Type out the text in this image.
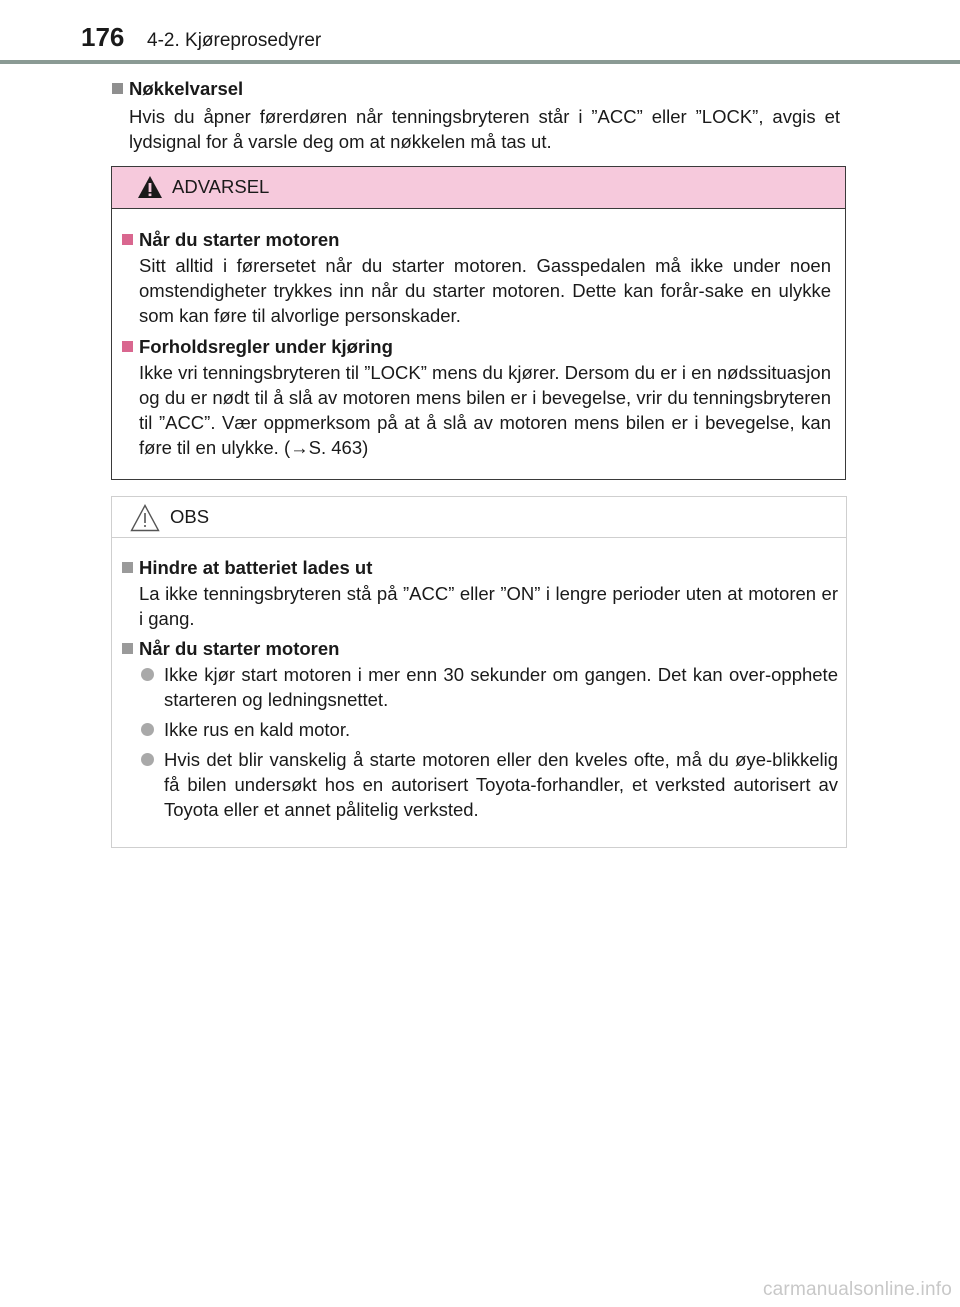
176 4-2. Kjøreprosedyrer
Nøkkelvarsel
Hvis du åpner førerdøren når tenningsbryteren står i ”ACC” eller ”LOCK”, avgis et lydsignal for å varsle deg om at nøkkelen må tas ut.
ADVARSEL
Når du starter motoren
Sitt alltid i førersetet når du starter motoren. Gasspedalen må ikke under noen omstendigheter trykkes inn når du starter motoren. Dette kan forår-sake en ulykke som kan føre til alvorlige personskader.
Forholdsregler under kjøring
Ikke vri tenningsbryteren til ”LOCK” mens du kjører. Dersom du er i en nødssituasjon og du er nødt til å slå av motoren mens bilen er i bevegelse, vrir du tenningsbryteren til ”ACC”. Vær oppmerksom på at å slå av motoren mens bilen er i bevegelse, kan føre til en ulykke. (→S. 463)
OBS
Hindre at batteriet lades ut
La ikke tenningsbryteren stå på ”ACC” eller ”ON” i lengre perioder uten at motoren er i gang.
Når du starter motoren
Ikke kjør start motoren i mer enn 30 sekunder om gangen. Det kan over-opphete starteren og ledningsnettet.
Ikke rus en kald motor.
Hvis det blir vanskelig å starte motoren eller den kveles ofte, må du øye-blikkelig få bilen undersøkt hos en autorisert Toyota-forhandler, et verksted autorisert av Toyota eller et annet pålitelig verksted.
carmanualsonline.info
